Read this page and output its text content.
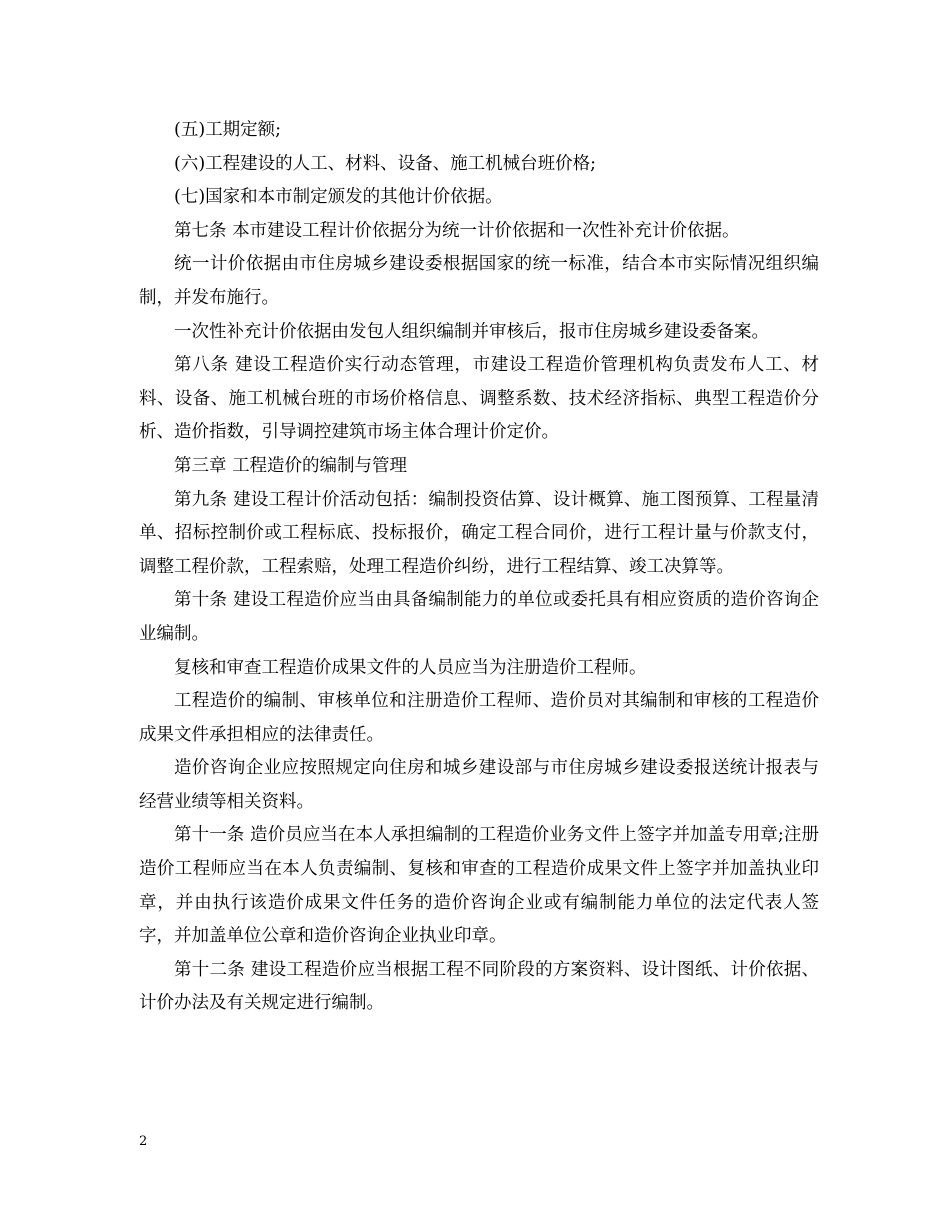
(五)工期定额;

(六)工程建设的人工、材料、设备、施工机械台班价格;

(七)国家和本市制定颁发的其他计价依据。

第七条 本市建设工程计价依据分为统一计价依据和一次性补充计价依据。

统一计价依据由市住房城乡建设委根据国家的统一标准，结合本市实际情况组织编制，并发布施行。

一次性补充计价依据由发包人组织编制并审核后，报市住房城乡建设委备案。

第八条 建设工程造价实行动态管理，市建设工程造价管理机构负责发布人工、材料、设备、施工机械台班的市场价格信息、调整系数、技术经济指标、典型工程造价分析、造价指数，引导调控建筑市场主体合理计价定价。

第三章 工程造价的编制与管理

第九条 建设工程计价活动包括：编制投资估算、设计概算、施工图预算、工程量清单、招标控制价或工程标底、投标报价，确定工程合同价，进行工程计量与价款支付，调整工程价款，工程索赔，处理工程造价纠纷，进行工程结算、竣工决算等。

第十条 建设工程造价应当由具备编制能力的单位或委托具有相应资质的造价咨询企业编制。

复核和审查工程造价成果文件的人员应当为注册造价工程师。

工程造价的编制、审核单位和注册造价工程师、造价员对其编制和审核的工程造价成果文件承担相应的法律责任。

造价咨询企业应按照规定向住房和城乡建设部与市住房城乡建设委报送统计报表与经营业绩等相关资料。

第十一条 造价员应当在本人承担编制的工程造价业务文件上签字并加盖专用章;注册造价工程师应当在本人负责编制、复核和审查的工程造价成果文件上签字并加盖执业印章，并由执行该造价成果文件任务的造价咨询企业或有编制能力单位的法定代表人签字，并加盖单位公章和造价咨询企业执业印章。

第十二条 建设工程造价应当根据工程不同阶段的方案资料、设计图纸、计价依据、计价办法及有关规定进行编制。

2
